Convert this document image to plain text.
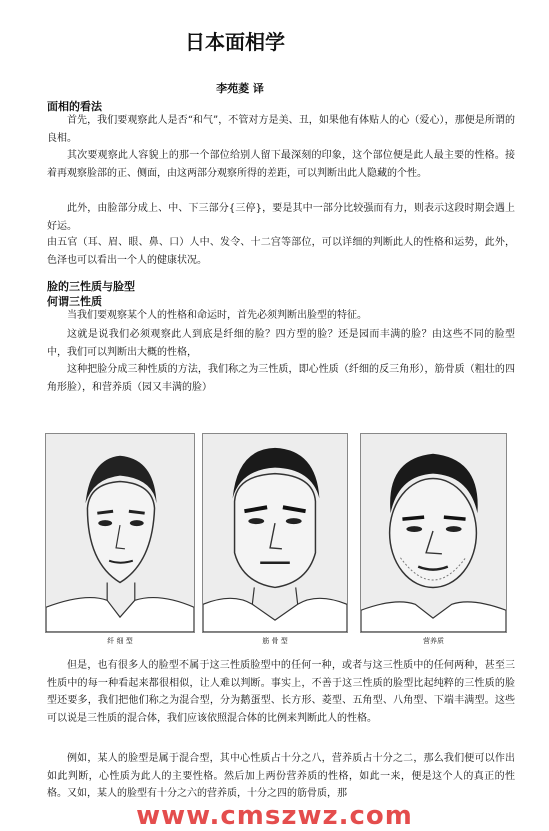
日本面相学
李苑菱 译
面相的看法

首先，我们要观察此人是否“和气”，不管对方是美、丑，如果他有体贴人的心（爱心），那便是所谓的良相。

其次要观察此人容貌上的那一个部位给别人留下最深刻的印象，这个部位便是此人最主要的性格。接着再观察脸部的正、侧面，由这两部分观察所得的差距，可以判断出此人隐藏的个性。

此外，由脸部分成上、中、下三部分{三停}，要是其中一部分比较强而有力，则表示这段时期会遇上好运。

由五官（耳、眉、眼、鼻、口）人中、发令、十二宫等部位，可以详细的判断此人的性格和运势，此外，色泽也可以看出一个人的健康状况。

脸的三性质与脸型
何谓三性质

当我们要观察某个人的性格和命运时，首先必须判断出脸型的特征。

这就是说我们必须观察此人到底是纤细的脸？四方型的脸？还是园而丰满的脸？由这些不同的脸型中，我们可以判断出大概的性格，

这种把脸分成三种性质的方法，我们称之为三性质，即心性质（纤细的反三角形），筋骨质（粗壮的四角形脸），和营养质（园又丰满的脸）

纤 细 型	筋 骨 型	营养质

但是，也有很多人的脸型不属于这三性质脸型中的任何一种，或者与这三性质中的任何两种，甚至三性质中的每一种看起来都很相似，让人难以判断。事实上，不善于这三性质的脸型比起纯粹的三性质的脸型还要多，我们把他们称之为混合型，分为鹅蛋型、长方形、菱型、五角型、八角型、下端丰满型。这些可以说是三性质的混合体，我们应该依照混合体的比例来判断此人的性格。

例如，某人的脸型是属于混合型，其中心性质占十分之八，营养质占十分之二，那么我们便可以作出如此判断，心性质为此人的主要性格。然后加上两份营养质的性格，如此一来，便是这个人的真正的性格。又如，某人的脸型有十分之六的营养质，十分之四的筋骨质，那

www.cmszwz.com
